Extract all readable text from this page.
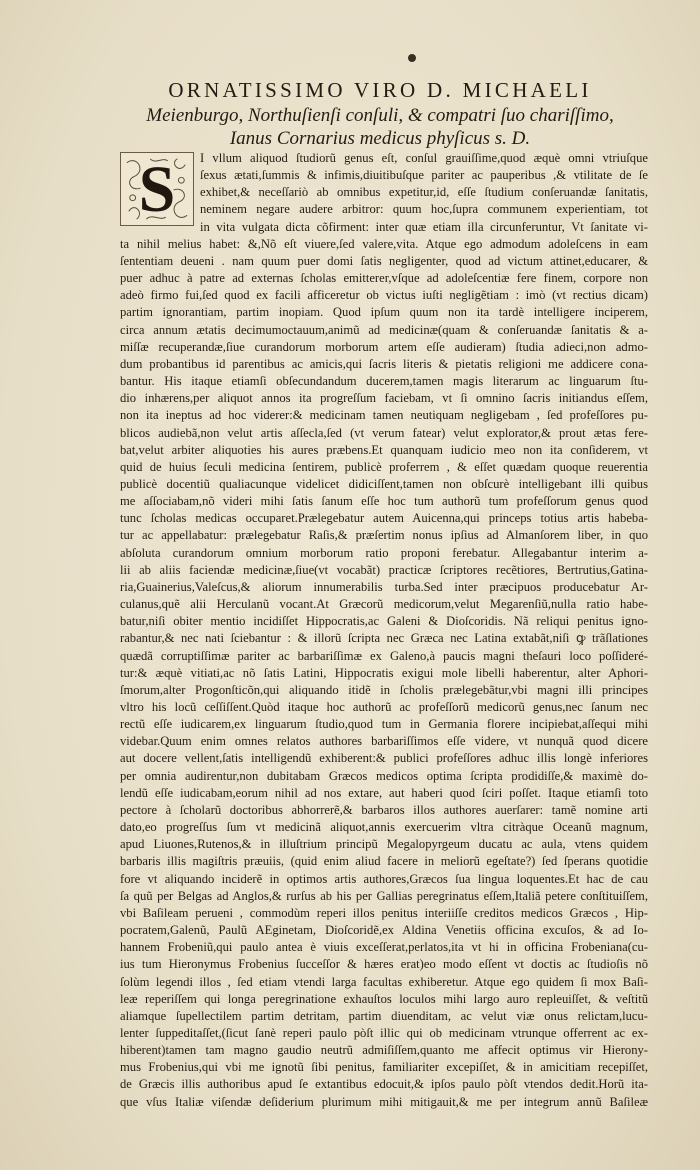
ORNATISSIMO VIRO D. MICHAELI
Meienburgo, Northuſienſi conſuli, & compatri ſuo chariſſimo,
Ianus Cornarius medicus phyſicus s. D.
S	I vllum aliquod ſtudiorũ genus eſt, conſul grauiſſime,quod æquè omni vtriuſque

ſexus ætati,ſummis & infimis,diuitibuſque pariter ac pauperibus ,& vtilitate de ſe

exhibet,& neceſſariò ab omnibus expetitur,id, eſſe ſtudium conſeruandæ ſanitatis,

neminem negare audere arbitror: quum hoc,ſupra communem experientiam, tot

in vita vulgata dicta cõfirment: inter quæ etiam illa circunferuntur, Vt ſanitate vi-

ta nihil melius habet: &,Nõ eſt viuere,ſed valere,vita. Atque ego admodum adoleſcens in eam

ſententiam deueni . nam quum puer domi ſatis negligenter, quod ad victum attinet,educarer, &

puer adhuc à patre ad externas ſcholas emitterer,vſque ad adoleſcentiæ fere finem, corpore non

adeò firmo fui,ſed quod ex facili afficeretur ob victus iuſti negligẽtiam : imò (vt rectius dicam)

partim ignorantiam, partim inopiam. Quod ipſum quum non ita tardè intelligere inciperem,

circa annum ætatis decimumoctauum,animũ ad medicinæ(quam & conſeruandæ ſanitatis & a-

miſſæ recuperandæ,ſiue curandorum morborum artem eſſe audieram) ſtudia adieci,non admo-

dum probantibus id parentibus ac amicis,qui ſacris literis & pietatis religioni me addicere cona-

bantur. His itaque etiamſi obſecundandum ducerem,tamen magis literarum ac linguarum ſtu-

dio inhærens,per aliquot annos ita progreſſum faciebam, vt ſi omnino ſacris initiandus eſſem,

non ita ineptus ad hoc viderer:& medicinam tamen neutiquam negligebam , ſed profeſſores pu-

blicos audiebã,non velut artis aſſecla,ſed (vt verum fatear) velut explorator,& prout ætas fere-

bat,velut arbiter aliquoties his aures præbens.Et quanquam iudicio meo non ita conſiderem, vt

quid de huius ſeculi medicina ſentirem, publicè proferrem , & eſſet quædam quoque reuerentia

publicè docentiũ qualiacunque videlicet didiciſſent,tamen non obſcurè intelligebant illi quibus

me aſſociabam,nõ videri mihi ſatis ſanum eſſe hoc tum authorũ tum profeſſorum genus quod

tunc ſcholas medicas occuparet.Prælegebatur autem Auicenna,qui princeps totius artis habeba-

tur ac appellabatur: prælegebatur Raſis,& præſertim nonus ipſius ad Almanſorem liber, in quo

abſoluta curandorum omnium morborum ratio proponi ferebatur. Allegabantur interim a-

lii ab aliis faciendæ medicinæ,ſiue(vt vocabãt) practicæ ſcriptores recẽtiores, Bertrutius,Gatina-

ria,Guainerius,Valeſcus,& aliorum innumerabilis turba.Sed inter præcipuos producebatur Ar-

culanus,quẽ alii Herculanũ vocant.At Græcorũ medicorum,velut Megarenſiũ,nulla ratio habe-

batur,niſi obiter mentio incidiſſet Hippocratis,ac Galeni & Dioſcoridis. Nã reliqui penitus igno-

rabantur,& nec nati ſciebantur : & illorũ ſcripta nec Græca nec Latina extabãt,niſi ꝙ trãſlationes

quædã corruptiſſimæ pariter ac barbariſſimæ ex Galeno,à paucis magni theſauri loco poſſideré-

tur:& æquè vitiati,ac nõ ſatis Latini, Hippocratis exigui mole libelli haberentur, alter Aphori-

ſmorum,alter Progonſticõn,qui aliquando itidẽ in ſcholis prælegebãtur,vbi magni illi principes

vltro his locũ ceſſiſſent.Quòd itaque hoc authorũ ac profeſſorũ medicorũ genus,nec ſanum nec

rectũ eſſe iudicarem,ex linguarum ſtudio,quod tum in Germania florere incipiebat,aſſequi mihi

videbar.Quum enim omnes relatos authores barbariſſimos eſſe videre, vt nunquã quod dicere

aut docere vellent,ſatis intelligendũ exhiberent:& publici profeſſores adhuc illis longè inferiores

per omnia audirentur,non dubitabam Græcos medicos optima ſcripta prodidiſſe,& maximè do-

lendũ eſſe iudicabam,eorum nihil ad nos extare, aut haberi quod ſciri poſſet. Itaque etiamſi toto

pectore à ſcholarũ doctoribus abhorrerẽ,& barbaros illos authores auerſarer: tamẽ nomine arti

dato,eo progreſſus ſum vt medicinã aliquot,annis exercuerim vltra citràque Oceanũ magnum,

apud Liuones,Rutenos,& in illuſtrium principũ Megalopyrgeum ducatu ac aula, vtens quidem

barbaris illis magiſtris præuiis, (quid enim aliud facere in meliorũ egeſtate?) ſed ſperans quotidie

fore vt aliquando inciderẽ in optimos artis authores,Græcos ſua lingua loquentes.Et hac de cau

ſa quũ per Belgas ad Anglos,& rurſus ab his per Gallias peregrinatus eſſem,Italiã petere conſtituiſſem,

vbi Baſileam perueni , commodùm reperi illos penitus interiiſſe creditos medicos Græcos , Hip-

pocratem,Galenũ, Paulũ AEginetam, Dioſcoridẽ,ex Aldina Venetiis officina excuſos, & ad Io-

hannem Frobeniũ,qui paulo antea è viuis exceſſerat,perlatos,ita vt hi in officina Frobeniana(cu-

ius tum Hieronymus Frobenius ſucceſſor & hæres erat)eo modo eſſent vt doctis ac ſtudioſis nõ

ſolùm legendi illos , ſed etiam vtendi larga facultas exhiberetur. Atque ego quidem ſi mox Baſi-

leæ reperiſſem qui longa peregrinatione exhauſtos loculos mihi largo auro repleuiſſet, & veſtitũ

aliamque ſupellectilem partim detritam, partim diuenditam, ac velut viæ onus relictam,lucu-

lenter ſuppeditaſſet,(ſicut ſanè reperi paulo pòſt illic qui ob medicinam vtrunque offerrent ac ex-

hiberent)tamen tam magno gaudio neutrũ admiſiſſem,quanto me affecit optimus vir Hierony-

mus Frobenius,qui vbi me ignotũ ſibi penitus, familiariter excepiſſet, & in amicitiam recepiſſet,

de Græcis illis authoribus apud ſe extantibus edocuit,& ipſos paulo pòſt vtendos dedit.Horũ ita-

que vſus Italiæ viſendæ deſiderium plurimum mihi mitigauit,& me per integrum annũ Baſileæ
